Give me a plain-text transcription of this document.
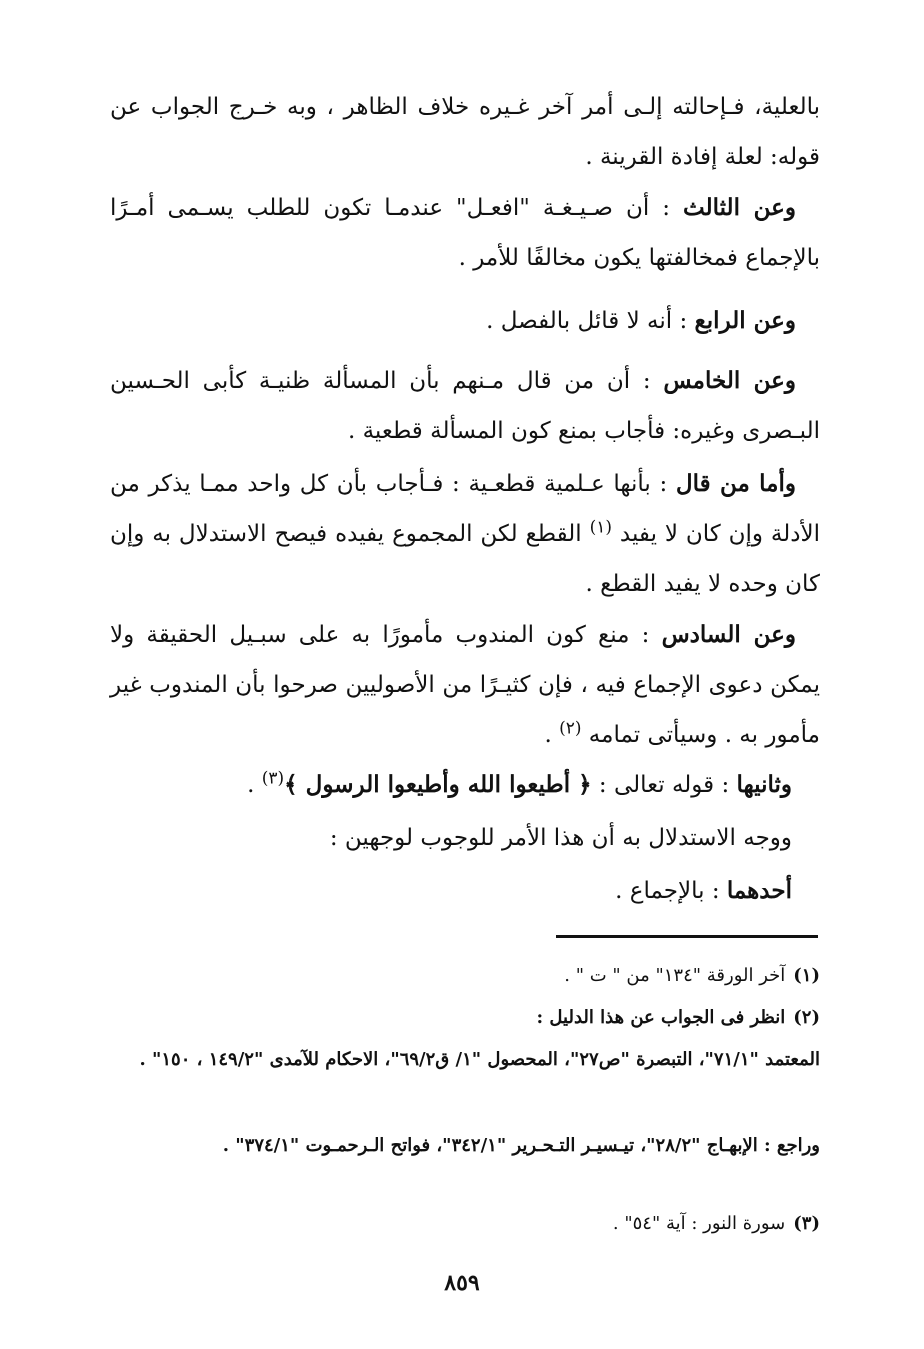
بالعلية، فـإحالته إلـى أمر آخر غـيره خلاف الظاهر ، وبه خـرج الجواب عن قوله: لعلة إفادة القرينة .

وعن الثالث : أن صـيـغـة "افعـل" عندمـا تكون للطلب يسـمى أمـرًا بالإجماع فمخالفتها يكون مخالفًا للأمر .

وعن الرابع : أنه لا قائل بالفصل .

وعن الخامس : أن من قال مـنهم بأن المسألة ظنيـة كأبى الحـسين البـصرى وغيره: فأجاب بمنع كون المسألة قطعية .

وأما من قال : بأنها عـلمية قطعـية : فـأجاب بأن كل واحد ممـا يذكر من الأدلة وإن كان لا يفيد $^{(١)}$ القطع لكن المجموع يفيده فيصح الاستدلال به وإن كان وحده لا يفيد القطع .

وعن السادس : منع كون المندوب مأمورًا به على سبـيل الحقيقة ولا يمكن دعوى الإجماع فيه ، فإن كثيـرًا من الأصوليين صرحوا بأن المندوب غير مأمور به . وسيأتى تمامه $^{(٢)}$ .

وثانيها : قوله تعالى : ﴿ أطيعوا الله وأطيعوا الرسول ﴾$^{(٣)}$ .

ووجه الاستدلال به أن هذا الأمر للوجوب لوجهين :

أحدهما : بالإجماع .

(١)آخر الورقة "١٣٤" من " ت " .

(٢)انظر فى الجواب عن هذا الدليل :

المعتمد "٧١/١"، التبصرة "ص٢٧"، المحصول "١/ ق٦٩/٢"، الاحكام للآمدى "١٤٩/٢ ، ١٥٠" .

وراجع : الإبهـاج "٢٨/٢"، تيـسيـر التـحـرير "٣٤٢/١"، فواتح الـرحمـوت "٣٧٤/١" .

(٣)سورة النور : آية "٥٤" .

٨٥٩
